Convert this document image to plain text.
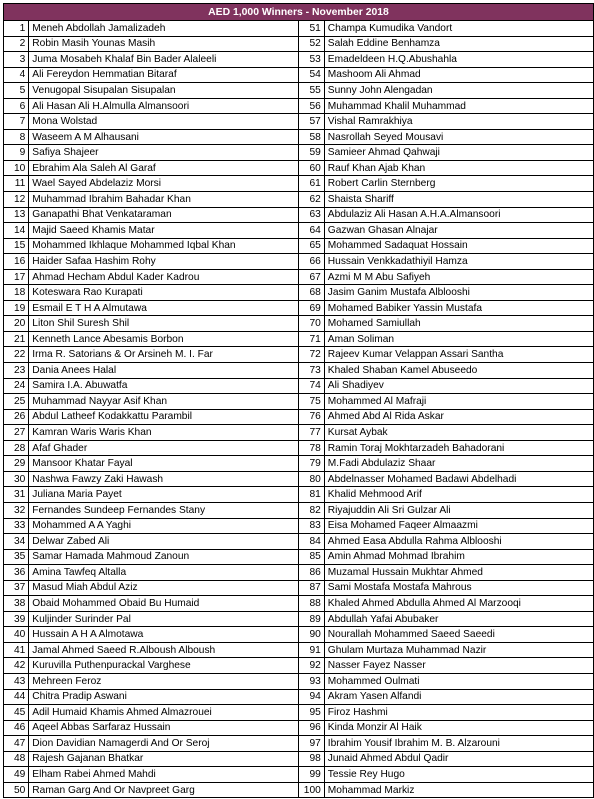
AED 1,000 Winners - November 2018			
1	Meneh Abdollah Jamalizadeh	51	Champa Kumudika Vandort
2	Robin Masih Younas Masih	52	Salah Eddine Benhamza
3	Juma Mosabeh Khalaf Bin Bader Alaleeli	53	Emadeldeen H.Q.Abushahla
4	Ali Fereydon Hemmatian Bitaraf	54	Mashoom Ali Ahmad
5	Venugopal Sisupalan Sisupalan	55	Sunny John Alengadan
6	Ali Hasan Ali H.Almulla Almansoori	56	Muhammad Khalil Muhammad
7	Mona Wolstad	57	Vishal Ramrakhiya
8	Waseem A M Alhausani	58	Nasrollah Seyed Mousavi
9	Safiya Shajeer	59	Samieer Ahmad Qahwaji
10	Ebrahim Ala Saleh Al Garaf	60	Rauf Khan Ajab Khan
11	Wael Sayed Abdelaziz Morsi	61	Robert Carlin Sternberg
12	Muhammad Ibrahim Bahadar Khan	62	Shaista Shariff
13	Ganapathi Bhat Venkataraman	63	Abdulaziz Ali Hasan A.H.A.Almansoori
14	Majid Saeed Khamis Matar	64	Gazwan Ghasan Alnajar
15	Mohammed Ikhlaque Mohammed Iqbal Khan	65	Mohammed Sadaquat Hossain
16	Haider Safaa Hashim Rohy	66	Hussain Venkkadathiyil Hamza
17	Ahmad Hecham Abdul Kader Kadrou	67	Azmi M M Abu Safiyeh
18	Koteswara Rao Kurapati	68	Jasim Ganim Mustafa Alblooshi
19	Esmail E T H A Almutawa	69	Mohamed Babiker Yassin Mustafa
20	Liton Shil Suresh Shil	70	Mohamed Samiullah
21	Kenneth Lance Abesamis Borbon	71	Aman Soliman
22	Irma R. Satorians & Or Arsineh M. I. Far	72	Rajeev Kumar Velappan Assari Santha
23	Dania Anees Halal	73	Khaled Shaban Kamel Abuseedo
24	Samira I.A. Abuwatfa	74	Ali Shadiyev
25	Muhammad Nayyar Asif Khan	75	Mohammed Al Mafraji
26	Abdul Latheef Kodakkattu Parambil	76	Ahmed Abd Al Rida Askar
27	Kamran Waris Waris Khan	77	Kursat Aybak
28	Afaf Ghader	78	Ramin Toraj Mokhtarzadeh Bahadorani
29	Mansoor Khatar Fayal	79	M.Fadi Abdulaziz Shaar
30	Nashwa Fawzy Zaki Hawash	80	Abdelnasser Mohamed Badawi Abdelhadi
31	Juliana Maria Payet	81	Khalid Mehmood Arif
32	Fernandes Sundeep Fernandes Stany	82	Riyajuddin Ali Sri Gulzar Ali
33	Mohammed A A Yaghi	83	Eisa Mohamed Faqeer Almaazmi
34	Delwar Zabed Ali	84	Ahmed Easa Abdulla Rahma Alblooshi
35	Samar Hamada Mahmoud Zanoun	85	Amin Ahmad Mohmad Ibrahim
36	Amina Tawfeq Altalla	86	Muzamal Hussain Mukhtar Ahmed
37	Masud Miah Abdul Aziz	87	Sami Mostafa Mostafa Mahrous
38	Obaid Mohammed Obaid Bu Humaid	88	Khaled Ahmed Abdulla Ahmed Al Marzooqi
39	Kuljinder Surinder Pal	89	Abdullah Yafai Abubaker
40	Hussain A H A Almotawa	90	Nourallah Mohammed Saeed Saeedi
41	Jamal Ahmed Saeed R.Alboush Alboush	91	Ghulam Murtaza Muhammad Nazir
42	Kuruvilla Puthenpurackal Varghese	92	Nasser Fayez Nasser
43	Mehreen Feroz	93	Mohammed Oulmati
44	Chitra Pradip Aswani	94	Akram Yasen Alfandi
45	Adil Humaid Khamis Ahmed Almazrouei	95	Firoz Hashmi
46	Aqeel Abbas Sarfaraz Hussain	96	Kinda Monzir Al Haik
47	Dion Davidian Namagerdi And Or Seroj	97	Ibrahim Yousif Ibrahim M. B. Alzarouni
48	Rajesh Gajanan Bhatkar	98	Junaid Ahmed Abdul Qadir
49	Elham Rabei Ahmed Mahdi	99	Tessie Rey Hugo
50	Raman Garg And Or Navpreet Garg	100	Mohammad Markiz
